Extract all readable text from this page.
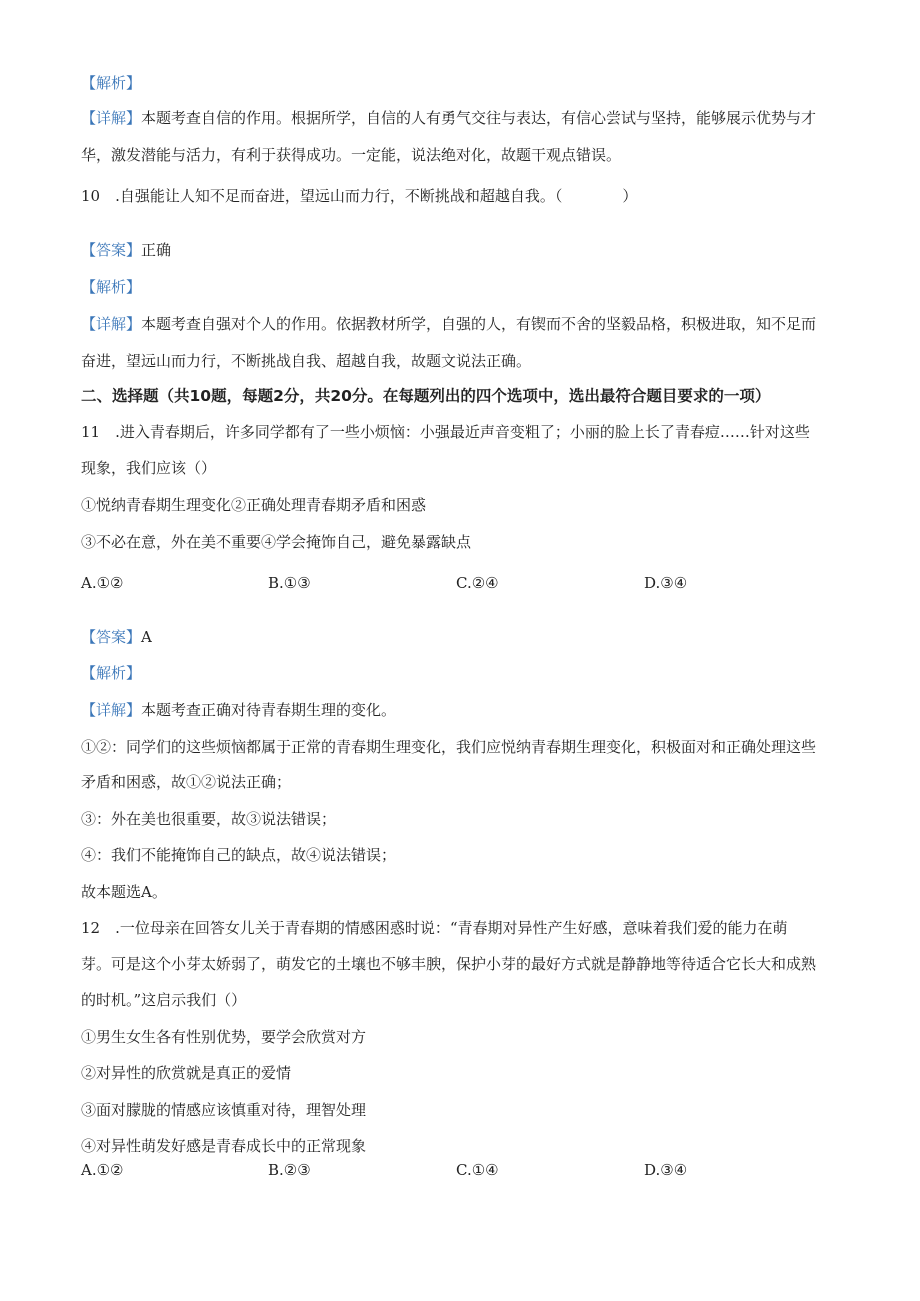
【解析】
【详解】本题考查自信的作用。根据所学，自信的人有勇气交往与表达，有信心尝试与坚持，能够展示优势与才
华，激发潜能与活力，有利于获得成功。一定能，说法绝对化，故题干观点错误。
10　.自强能让人知不足而奋进，望远山而力行，不断挑战和超越自我。（　　　　）
【答案】正确
【解析】
【详解】本题考查自强对个人的作用。依据教材所学，自强的人，有锲而不舍的坚毅品格，积极进取，知不足而
奋进，望远山而力行，不断挑战自我、超越自我，故题文说法正确。
二、选择题（共10题，每题2分，共20分。在每题列出的四个选项中，选出最符合题目要求的一项）
11　.进入青春期后，许多同学都有了一些小烦恼：小强最近声音变粗了；小丽的脸上长了青春痘……针对这些
现象，我们应该（）
①悦纳青春期生理变化②正确处理青春期矛盾和困惑
③不必在意，外在美不重要④学会掩饰自己，避免暴露缺点
A.①②	B.①③	C.②④	D.③④
【答案】A
【解析】
【详解】本题考查正确对待青春期生理的变化。
①②：同学们的这些烦恼都属于正常的青春期生理变化，我们应悦纳青春期生理变化，积极面对和正确处理这些
矛盾和困惑，故①②说法正确；
③：外在美也很重要，故③说法错误；
④：我们不能掩饰自己的缺点，故④说法错误；
故本题选A。
12　.一位母亲在回答女儿关于青春期的情感困惑时说：“青春期对异性产生好感，意味着我们爱的能力在萌
芽。可是这个小芽太娇弱了，萌发它的土壤也不够丰腴，保护小芽的最好方式就是静静地等待适合它长大和成熟
的时机。”这启示我们（）
①男生女生各有性别优势，要学会欣赏对方
②对异性的欣赏就是真正的爱情
③面对朦胧的情感应该慎重对待，理智处理
④对异性萌发好感是青春成长中的正常现象
A.①②	B.②③	C.①④	D.③④
